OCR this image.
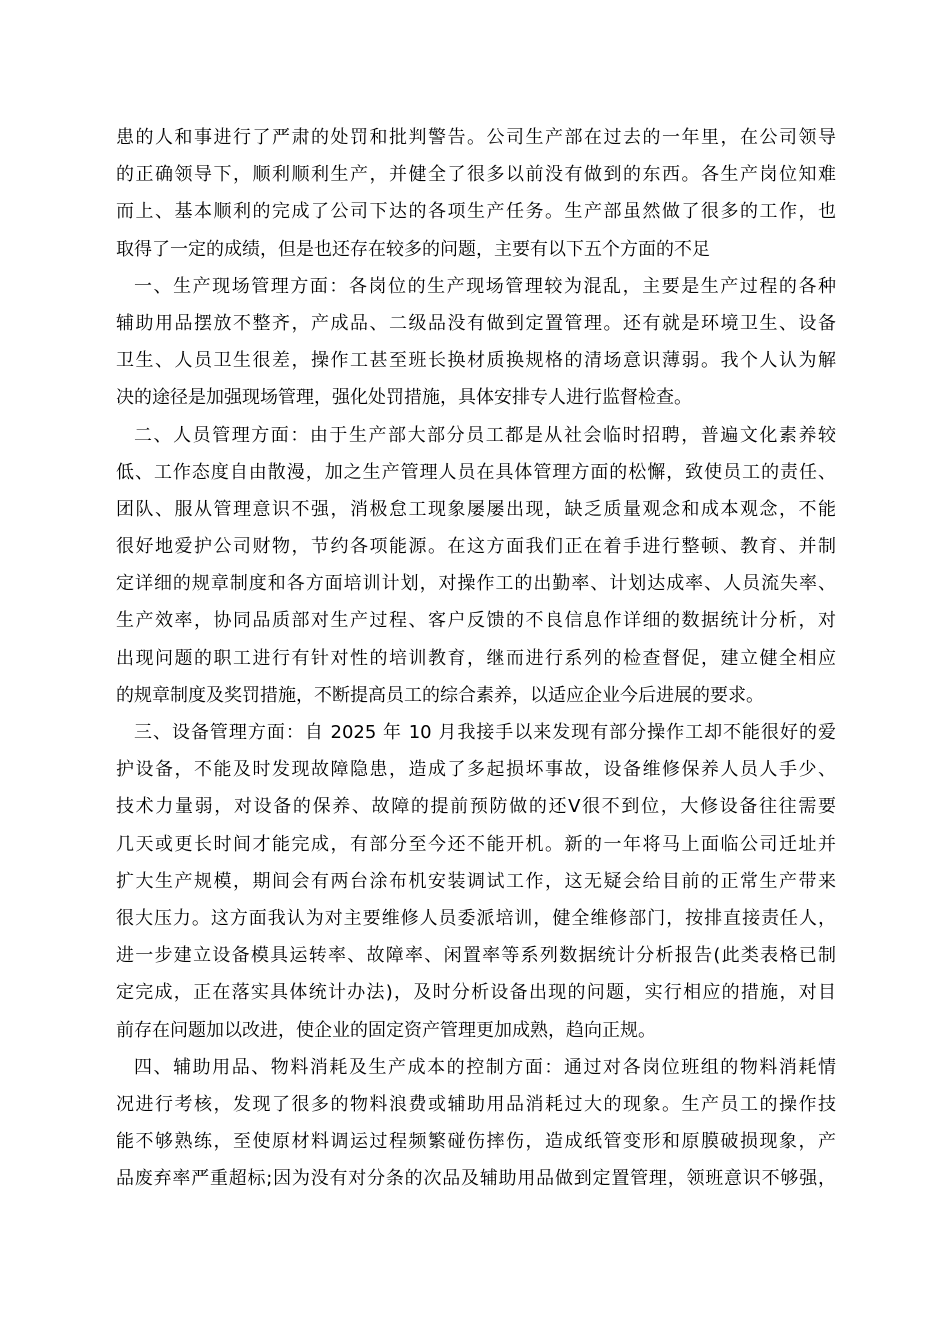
患的人和事进行了严肃的处罚和批判警告。公司生产部在过去的一年里，在公司领导
的正确领导下，顺利顺利生产，并健全了很多以前没有做到的东西。各生产岗位知难
而上、基本顺利的完成了公司下达的各项生产任务。生产部虽然做了很多的工作，也
取得了一定的成绩，但是也还存在较多的问题，主要有以下五个方面的不足
一、生产现场管理方面：各岗位的生产现场管理较为混乱，主要是生产过程的各种
辅助用品摆放不整齐，产成品、二级品没有做到定置管理。还有就是环境卫生、设备
卫生、人员卫生很差，操作工甚至班长换材质换规格的清场意识薄弱。我个人认为解
决的途径是加强现场管理，强化处罚措施，具体安排专人进行监督检查。
二、人员管理方面：由于生产部大部分员工都是从社会临时招聘，普遍文化素养较
低、工作态度自由散漫，加之生产管理人员在具体管理方面的松懈，致使员工的责任、
团队、服从管理意识不强，消极怠工现象屡屡出现，缺乏质量观念和成本观念，不能
很好地爱护公司财物，节约各项能源。在这方面我们正在着手进行整顿、教育、并制
定详细的规章制度和各方面培训计划，对操作工的出勤率、计划达成率、人员流失率、
生产效率，协同品质部对生产过程、客户反馈的不良信息作详细的数据统计分析，对
出现问题的职工进行有针对性的培训教育，继而进行系列的检查督促，建立健全相应
的规章制度及奖罚措施，不断提高员工的综合素养，以适应企业今后进展的要求。
三、设备管理方面：自 2025 年 10 月我接手以来发现有部分操作工却不能很好的爱
护设备，不能及时发现故障隐患，造成了多起损坏事故，设备维修保养人员人手少、
技术力量弱，对设备的保养、故障的提前预防做的还Ⅴ很不到位，大修设备往往需要
几天或更长时间才能完成，有部分至今还不能开机。新的一年将马上面临公司迁址并
扩大生产规模，期间会有两台涂布机安装调试工作，这无疑会给目前的正常生产带来
很大压力。这方面我认为对主要维修人员委派培训，健全维修部门，按排直接责任人，
进一步建立设备模具运转率、故障率、闲置率等系列数据统计分析报告(此类表格已制
定完成，正在落实具体统计办法)，及时分析设备出现的问题，实行相应的措施，对目
前存在问题加以改进，使企业的固定资产管理更加成熟，趋向正规。
四、辅助用品、物料消耗及生产成本的控制方面：通过对各岗位班组的物料消耗情
况进行考核，发现了很多的物料浪费或辅助用品消耗过大的现象。生产员工的操作技
能不够熟练，至使原材料调运过程频繁碰伤摔伤，造成纸管变形和原膜破损现象，产
品废弃率严重超标;因为没有对分条的次品及辅助用品做到定置管理，领班意识不够强，
